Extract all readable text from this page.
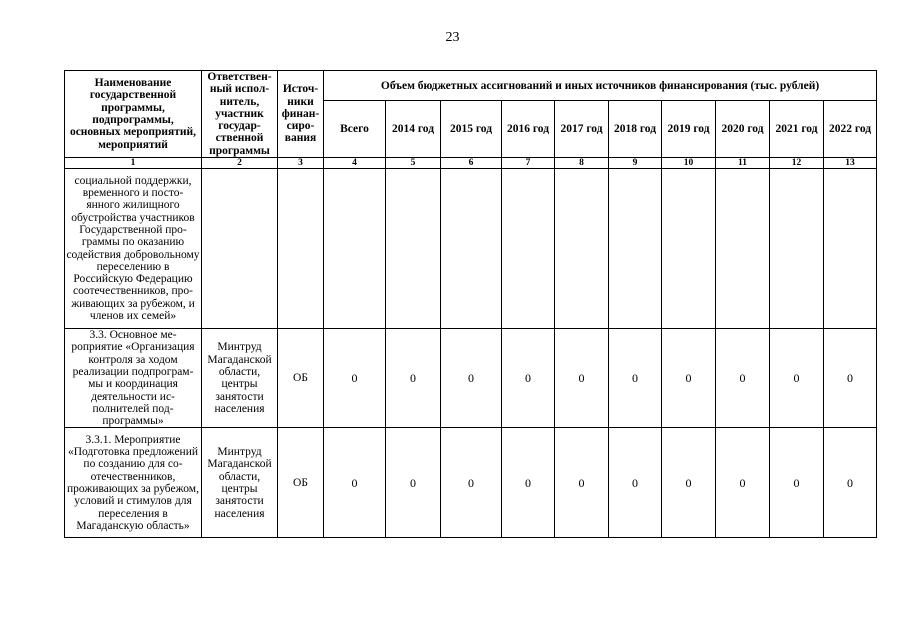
23
Наименование государственной программы, подпрограммы, основных мероприятий, мероприятий	Ответствен-ный испол-нитель, участник государ-ственной программы	Источ-ники финан-сиро-вания	Объем бюджетных ассигнований и иных источников финансирования (тыс. рублей)									
			Всего	2014 год	2015 год	2016 год	2017 год	2018 год	2019 год	2020 год	2021 год	2022 год
1	2	3	4	5	6	7	8	9	10	11	12	13
социальной поддержки, временного и посто-янного жилищного обустройства участников Государственной про-граммы по оказанию содействия добровольному переселению в Российскую Федерацию соотечественников, про-живающих за рубежом, и членов их семей»												
3.3. Основное ме-роприятие «Организация контроля за ходом реализации подпрограм-мы и координация деятельности ис-полнителей под-программы»	Минтруд Магаданской области, центры занятости населения	ОБ	0	0	0	0	0	0	0	0	0	0
3.3.1. Мероприятие «Подготовка предложений по созданию для со-отечественников, проживающих за рубежом, условий и стимулов для переселения в Магаданскую область»	Минтруд Магаданской области, центры занятости населения	ОБ	0	0	0	0	0	0	0	0	0	0
